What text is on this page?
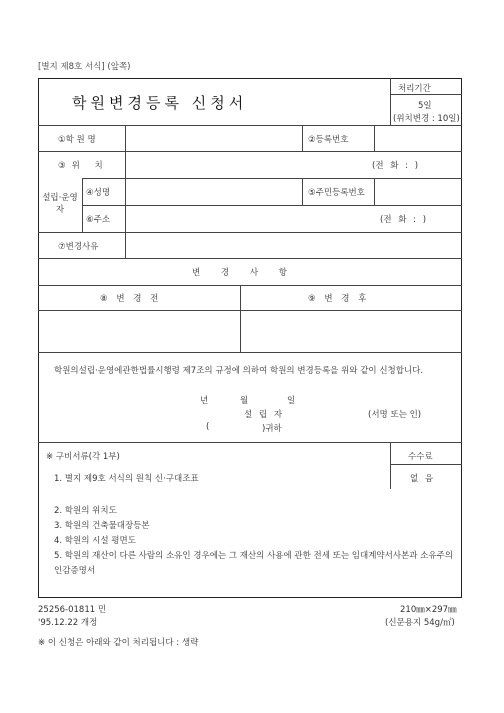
[별지 제8호 서식] (앞쪽)
학원변경등록 신청서
처리기간
5일
(위치변경 : 10일)
①학 원 명	②등록번호
③위 치	(전 화 : )
설립·운영자
④성명	⑤주민등록번호
⑥주소	(전 화 : )
⑦변경사유
변 경 사 항
⑧ 변 경 전	⑨ 변 경 후
학원의설립·운영에관한법률시행령 제7조의 규정에 의하여 학원의 변경등록을 위와 같이 신청합니다.
년	월	일
설 립 자	(서명 또는 인)
(	)귀하
※ 구비서류(각 1부)	수수료
없 음
1. 별지 제9호 서식의 원칙 신·구대조표
2. 학원의 위치도
3. 학원의 건축물대장등본
4. 학원의 시설 평면도
5. 학원의 재산이 다른 사람의 소유인 경우에는 그 재산의 사용에 관한 전세 또는 임대계약서사본과 소유주의 인감증명서
25256-01811 민
'95.12.22 개정
210㎜×297㎜
(신문용지 54g/㎡)
※ 이 신청은 아래와 같이 처리됩니다 : 생략
